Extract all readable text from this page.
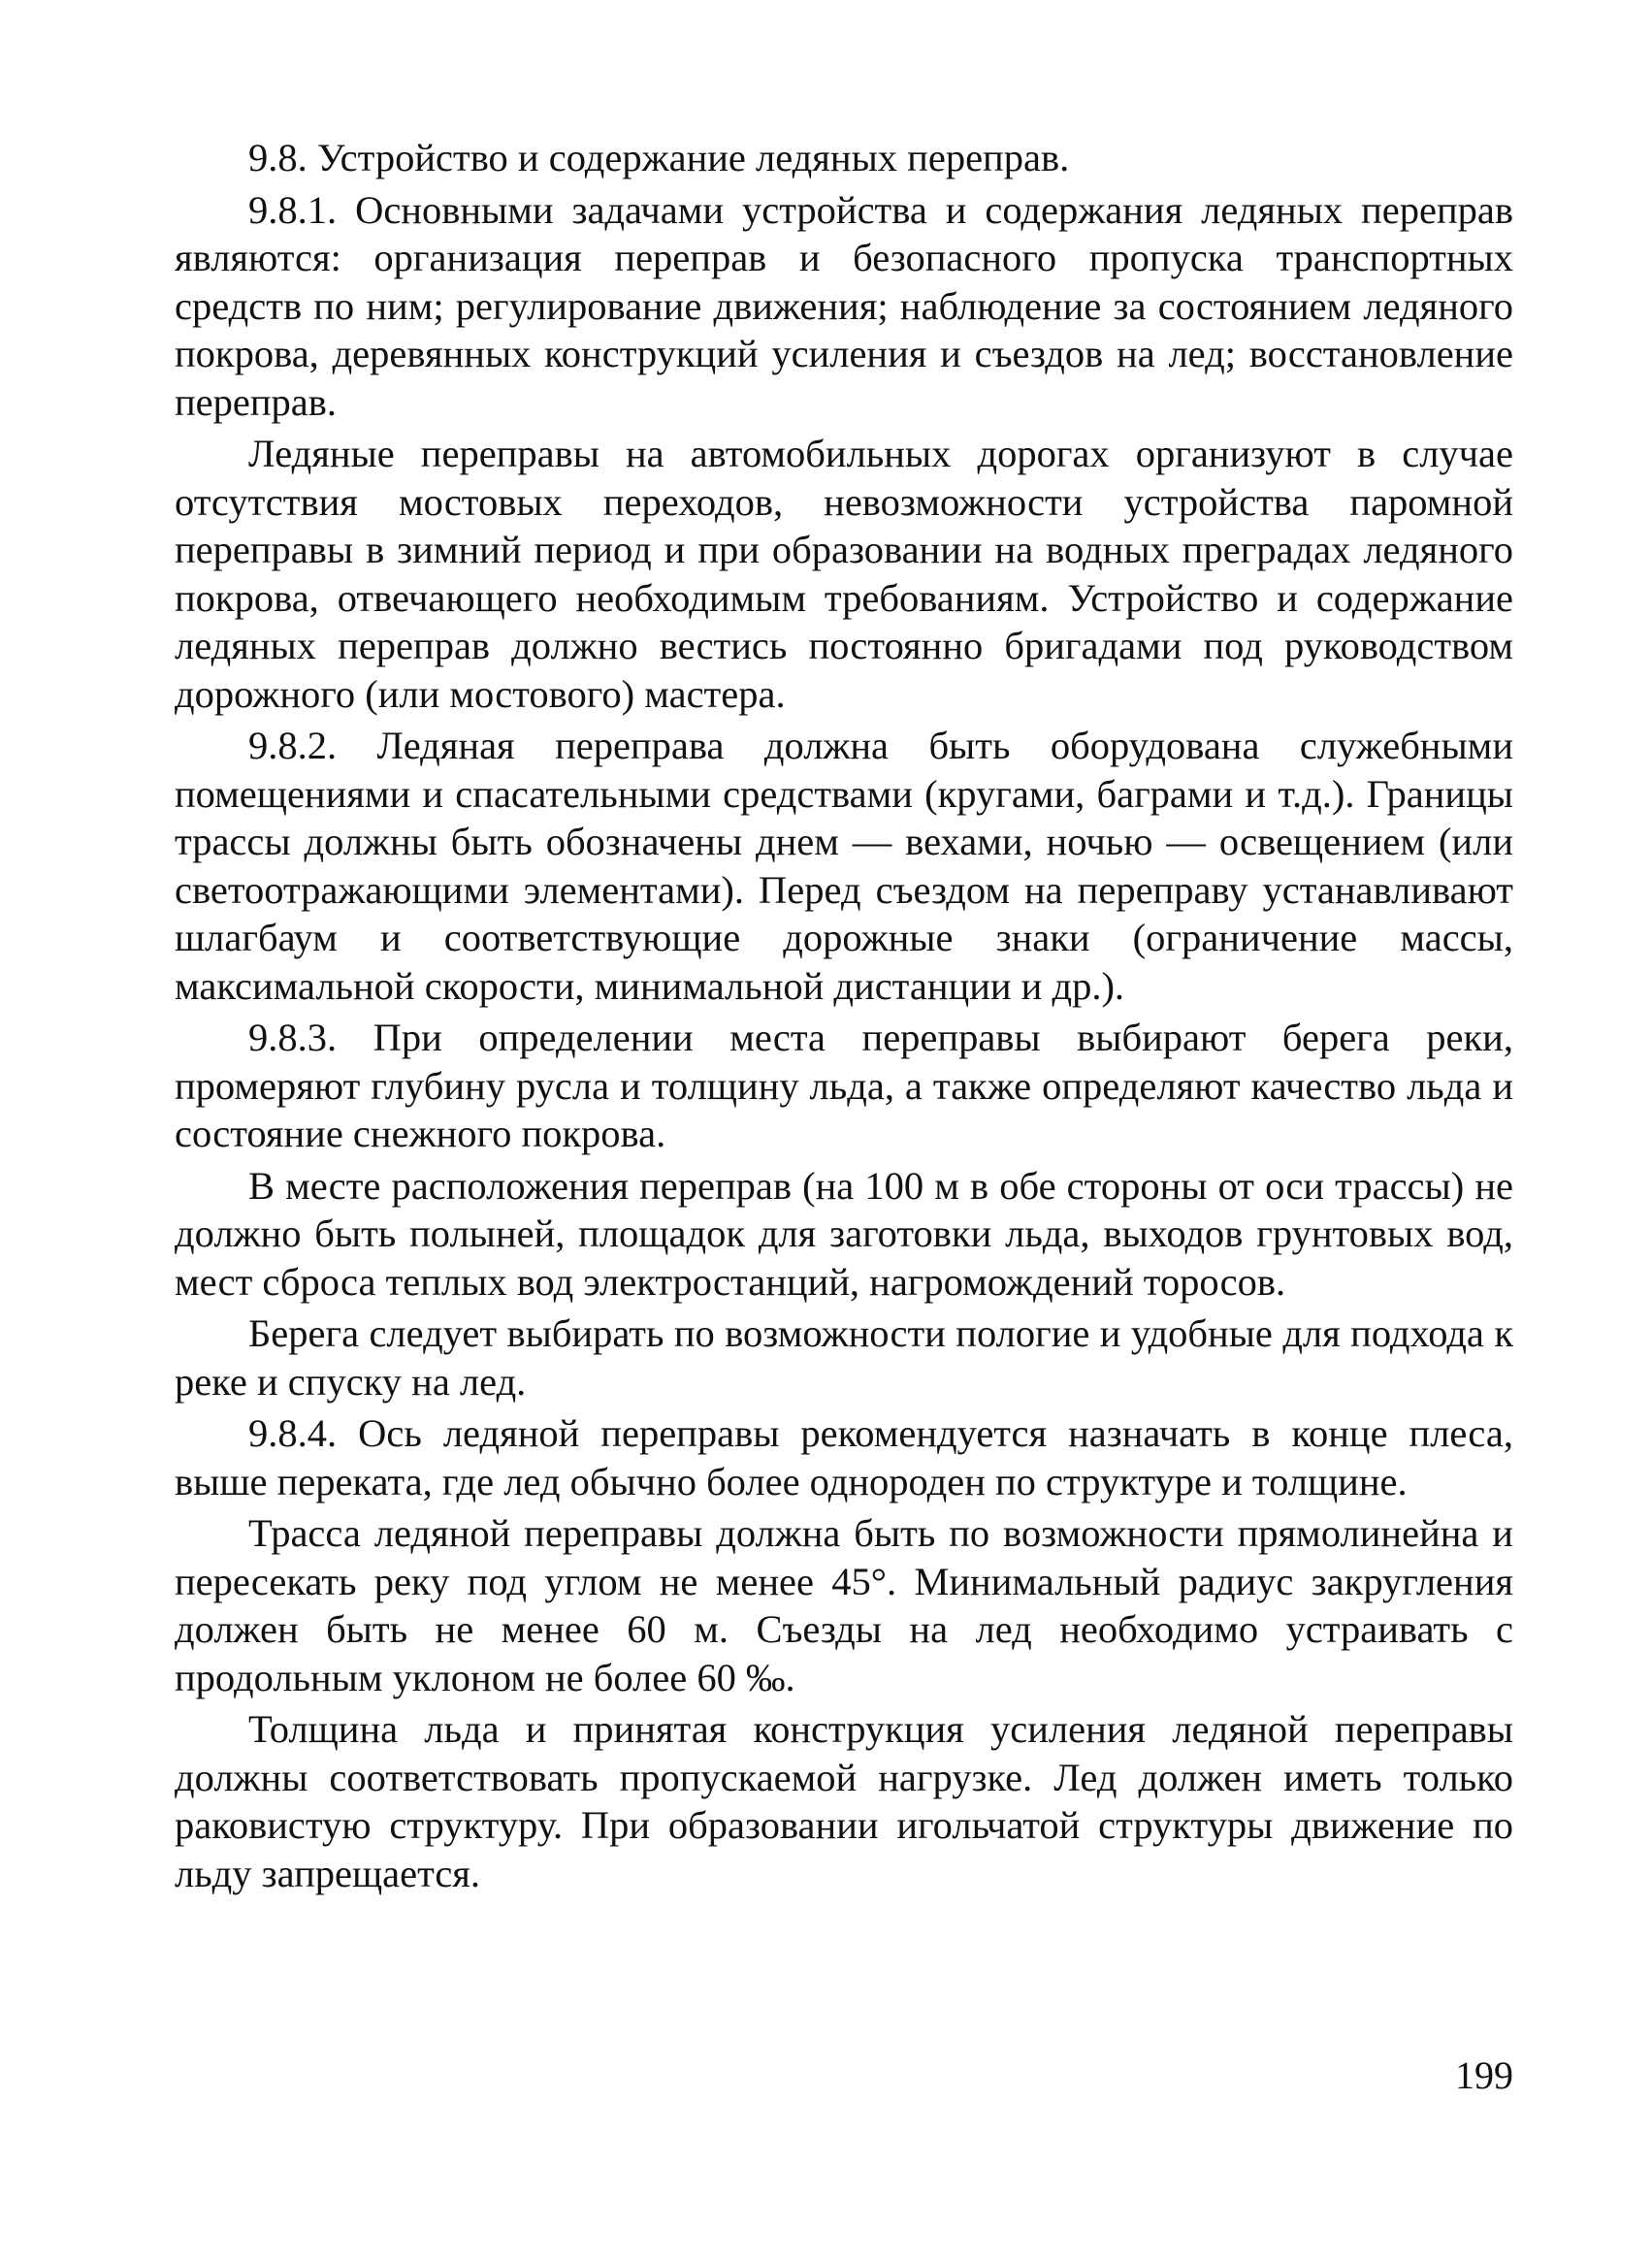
9.8. Устройство и содержание ледяных переправ.

9.8.1. Основными задачами устройства и содержания ледяных переправ являются: организация переправ и безопасного пропуска транспортных средств по ним; регулирование движения; наблюдение за состоянием ледяного покрова, деревянных конструкций усиления и съездов на лед; восстановление переправ.

Ледяные переправы на автомобильных дорогах организуют в случае отсутствия мостовых переходов, невозможности устройства паромной переправы в зимний период и при образовании на водных преградах ледяного покрова, отвечающего необходимым требованиям. Устройство и содержание ледяных переправ должно вестись постоянно бригадами под руководством дорожного (или мостового) мастера.

9.8.2. Ледяная переправа должна быть оборудована служебными помещениями и спасательными средствами (кругами, баграми и т.д.). Границы трассы должны быть обозначены днем — вехами, ночью — освещением (или светоотражающими элементами). Перед съездом на переправу устанавливают шлагбаум и соответствующие дорожные знаки (ограничение массы, максимальной скорости, минимальной дистанции и др.).

9.8.3. При определении места переправы выбирают берега реки, промеряют глубину русла и толщину льда, а также определяют качество льда и состояние снежного покрова.

В месте расположения переправ (на 100 м в обе стороны от оси трассы) не должно быть полыней, площадок для заготовки льда, выходов грунтовых вод, мест сброса теплых вод электростанций, нагромождений торосов.

Берега следует выбирать по возможности пологие и удобные для подхода к реке и спуску на лед.

9.8.4. Ось ледяной переправы рекомендуется назначать в конце плеса, выше переката, где лед обычно более однороден по структуре и толщине.

Трасса ледяной переправы должна быть по возможности прямолинейна и пересекать реку под углом не менее 45°. Минимальный радиус закругления должен быть не менее 60 м. Съезды на лед необходимо устраивать с продольным уклоном не более 60 ‰.

Толщина льда и принятая конструкция усиления ледяной переправы должны соответствовать пропускаемой нагрузке. Лед должен иметь только раковистую структуру. При образовании игольчатой структуры движение по льду запрещается.

199
